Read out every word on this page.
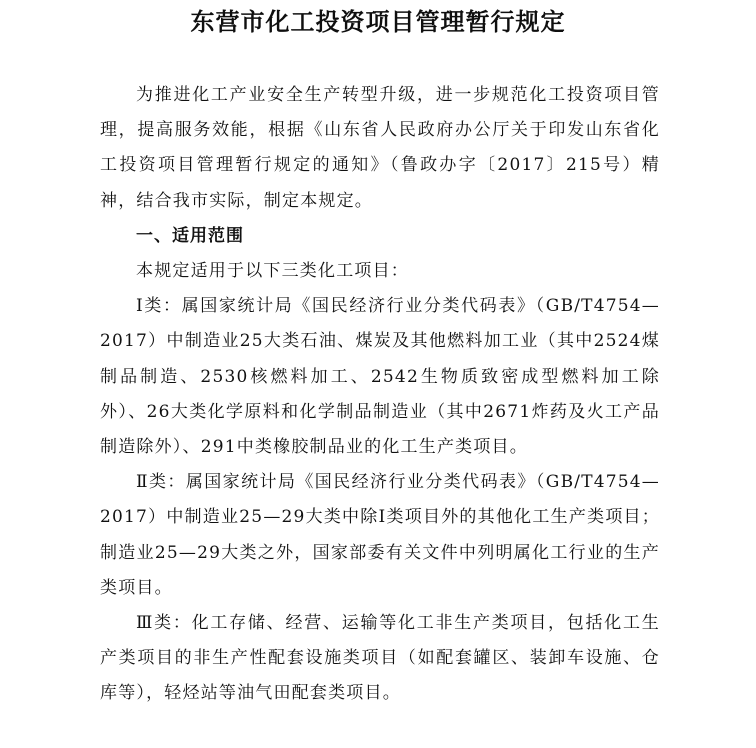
东营市化工投资项目管理暂行规定

为推进化工产业安全生产转型升级，进一步规范化工投资项目管理，提高服务效能，根据《山东省人民政府办公厅关于印发山东省化工投资项目管理暂行规定的通知》（鲁政办字〔2017〕215号）精神，结合我市实际，制定本规定。

一、适用范围

本规定适用于以下三类化工项目：

Ⅰ类：属国家统计局《国民经济行业分类代码表》（GB/T4754—2017）中制造业25大类石油、煤炭及其他燃料加工业（其中2524煤制品制造、2530核燃料加工、2542生物质致密成型燃料加工除外）、26大类化学原料和化学制品制造业（其中2671炸药及火工产品制造除外）、291中类橡胶制品业的化工生产类项目。

Ⅱ类：属国家统计局《国民经济行业分类代码表》（GB/T4754—2017）中制造业25—29大类中除Ⅰ类项目外的其他化工生产类项目；制造业25—29大类之外，国家部委有关文件中列明属化工行业的生产类项目。

Ⅲ类：化工存储、经营、运输等化工非生产类项目，包括化工生产类项目的非生产性配套设施类项目（如配套罐区、装卸车设施、仓库等），轻烃站等油气田配套类项目。
